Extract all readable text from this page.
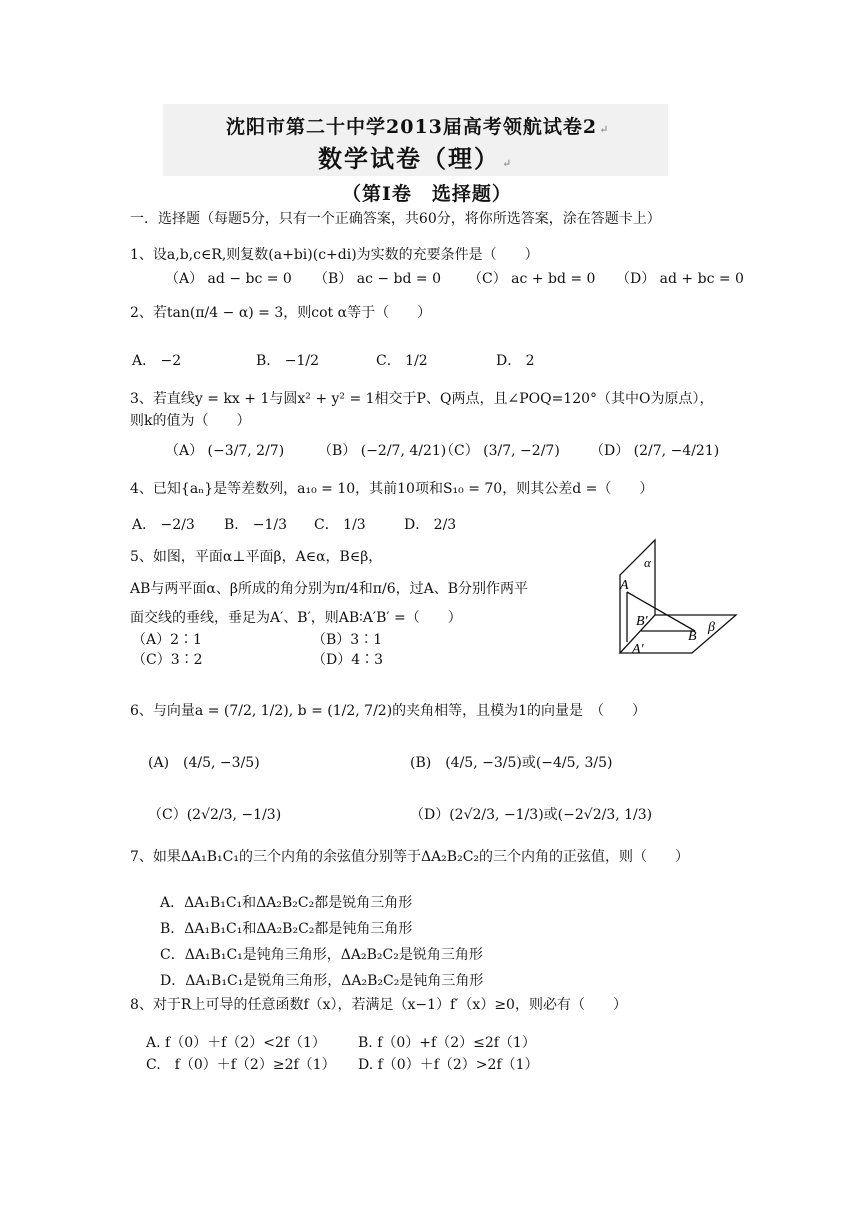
沈阳市第二十中学2013届高考领航试卷2 ↵
数学试卷（理） ↵
（第Ⅰ卷　选择题）
一．选择题（每题5分，只有一个正确答案，共60分，将你所选答案，涂在答题卡上）
1、设a,b,c∈R,则复数(a+bi)(c+di)为实数的充要条件是（　　）
（A） ad − bc = 0 （B） ac − bd = 0 （C） ac + bd = 0 （D） ad + bc = 0
2、若tan(π/4 − α) = 3，则cot α等于（　　）
A． −2	B． −1/2	C． 1/2	D． 2
3、若直线y = kx + 1与圆x² + y² = 1相交于P、Q两点，且∠POQ=120°（其中O为原点），
则k的值为（　　）
（A） (−3/7, 2/7) （B） (−2/7, 4/21)
（C） (3/7, −2/7) （D） (2/7, −4/21)
4、已知{aₙ}是等差数列，a₁₀ = 10，其前10项和S₁₀ = 70，则其公差d =（　　）
A． −2/3 B． −1/3 C． 1/3	D． 2/3
5、如图，平面α⊥平面β，A∈α，B∈β，
AB与两平面α、β所成的角分别为π/4和π/6，过A、B分别作两平
面交线的垂线，垂足为A′、B′，则AB∶A′B′ =（　　）
（A）2∶1	（B）3∶1
（C）3∶2	（D）4∶3
α
β
A
B
B′
A′
6、与向量a = (7/2, 1/2), b = (1/2, 7/2)的夹角相等，且模为1的向量是　（　　）
(A)　(4/5, −3/5)	(B)　(4/5, −3/5)或(−4/5, 3/5)
（C）(2√2/3, −1/3)	（D）(2√2/3, −1/3)或(−2√2/3, 1/3)
7、如果ΔA₁B₁C₁的三个内角的余弦值分别等于ΔA₂B₂C₂的三个内角的正弦值，则（　　）
A．ΔA₁B₁C₁和ΔA₂B₂C₂都是锐角三角形
B．ΔA₁B₁C₁和ΔA₂B₂C₂都是钝角三角形
C．ΔA₁B₁C₁是钝角三角形，ΔA₂B₂C₂是锐角三角形
D．ΔA₁B₁C₁是锐角三角形，ΔA₂B₂C₂是钝角三角形
8、对于R上可导的任意函数f（x），若满足（x−1）f′（x）≥0，则必有（　　）
A. f（0）＋f（2）<2f（1） B. f（0）+f（2）≤2f（1）
C.　f（0）＋f（2）≥2f（1） D. f（0）＋f（2）>2f（1）
